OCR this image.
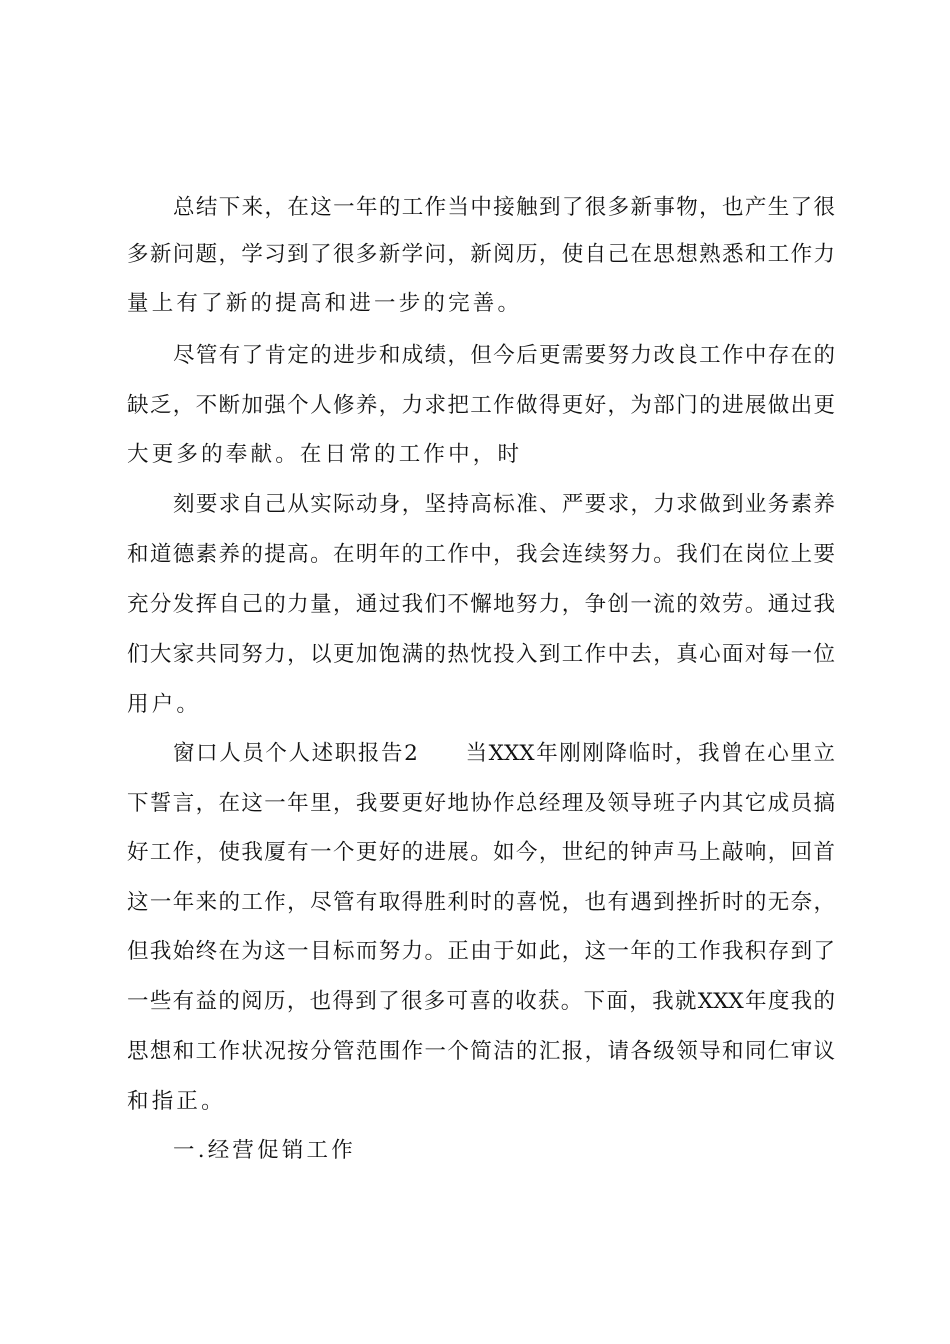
总结下来，在这一年的工作当中接触到了很多新事物，也产生了很
多新问题，学习到了很多新学问，新阅历，使自己在思想熟悉和工作力
量上有了新的提高和进一步的完善。
尽管有了肯定的进步和成绩，但今后更需要努力改良工作中存在的
缺乏，不断加强个人修养，力求把工作做得更好，为部门的进展做出更
大更多的奉献。在日常的工作中，时
刻要求自己从实际动身，坚持高标准、严要求，力求做到业务素养
和道德素养的提高。在明年的工作中，我会连续努力。我们在岗位上要
充分发挥自己的力量，通过我们不懈地努力，争创一流的效劳。通过我
们大家共同努力，以更加饱满的热忱投入到工作中去，真心面对每一位
用户。
窗口人员个人述职报告2　　当XXX年刚刚降临时，我曾在心里立
下誓言，在这一年里，我要更好地协作总经理及领导班子内其它成员搞
好工作，使我厦有一个更好的进展。如今，世纪的钟声马上敲响，回首
这一年来的工作，尽管有取得胜利时的喜悦，也有遇到挫折时的无奈，
但我始终在为这一目标而努力。正由于如此，这一年的工作我积存到了
一些有益的阅历，也得到了很多可喜的收获。下面，我就XXX年度我的
思想和工作状况按分管范围作一个简洁的汇报，请各级领导和同仁审议
和指正。
一.经营促销工作
